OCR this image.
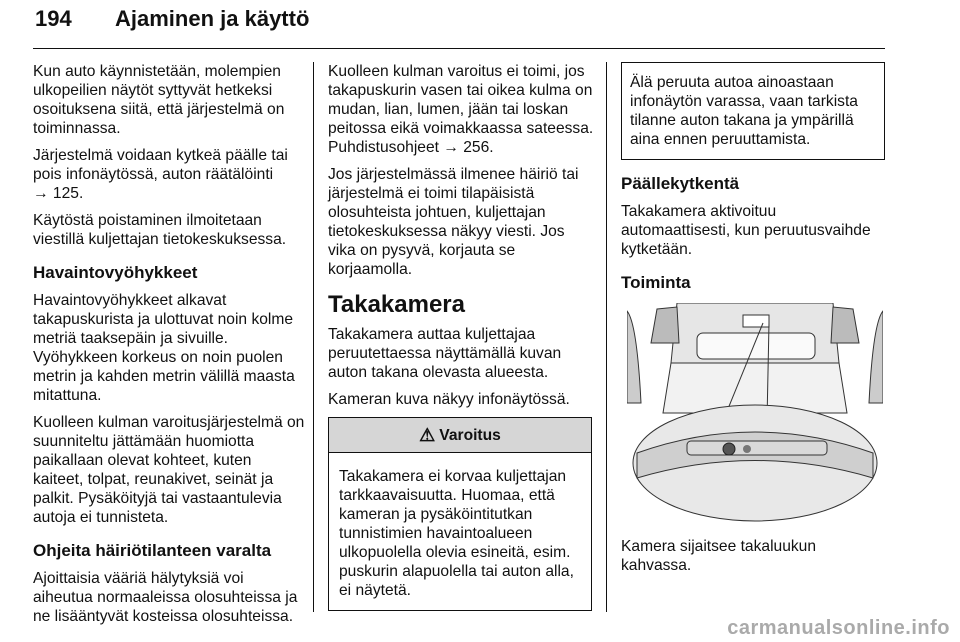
194 Ajaminen ja käyttö

Kun auto käynnistetään, molempien ulkopeilien näytöt syttyvät hetkeksi osoituksena siitä, että järjestelmä on toiminnassa.

Järjestelmä voidaan kytkeä päälle tai pois infonäytössä, auton räätälöinti
→ 125.

Käytöstä poistaminen ilmoitetaan viestillä kuljettajan tietokeskuksessa.

Havaintovyöhykkeet

Havaintovyöhykkeet alkavat takapuskurista ja ulottuvat noin kolme metriä taaksepäin ja sivuille. Vyöhykkeen korkeus on noin puolen metrin ja kahden metrin välillä maasta mitattuna.

Kuolleen kulman varoitusjärjestelmä on suunniteltu jättämään huomiotta paikallaan olevat kohteet, kuten kaiteet, tolpat, reunakivet, seinät ja palkit. Pysäköityjä tai vastaantulevia autoja ei tunnisteta.

Ohjeita häiriötilanteen varalta

Ajoittaisia vääriä hälytyksiä voi aiheutua normaaleissa olosuhteissa ja ne lisääntyvät kosteissa olosuhteissa.

Kuolleen kulman varoitus ei toimi, jos takapuskurin vasen tai oikea kulma on mudan, lian, lumen, jään tai loskan peitossa eikä voimakkaassa sateessa. Puhdistusohjeet → 256.

Jos järjestelmässä ilmenee häiriö tai järjestelmä ei toimi tilapäisistä olosuhteista johtuen, kuljettajan tietokeskuksessa näkyy viesti. Jos vika on pysyvä, korjauta se korjaamolla.

Takakamera

Takakamera auttaa kuljettajaa peruutettaessa näyttämällä kuvan auton takana olevasta alueesta.

Kameran kuva näkyy infonäytössä.

⚠ Varoitus
Takakamera ei korvaa kuljettajan tarkkaavaisuutta. Huomaa, että kameran ja pysäköintitutkan tunnistimien havaintoalueen ulkopuolella olevia esineitä, esim. puskurin alapuolella tai auton alla, ei näytetä.
Älä peruuta autoa ainoastaan infonäytön varassa, vaan tarkista tilanne auton takana ja ympärillä aina ennen peruuttamista.
Päällekytkentä

Takakamera aktivoituu automaattisesti, kun peruutusvaihde kytketään.

Toiminta

Kamera sijaitsee takaluukun kahvassa.

carmanualsonline.info
